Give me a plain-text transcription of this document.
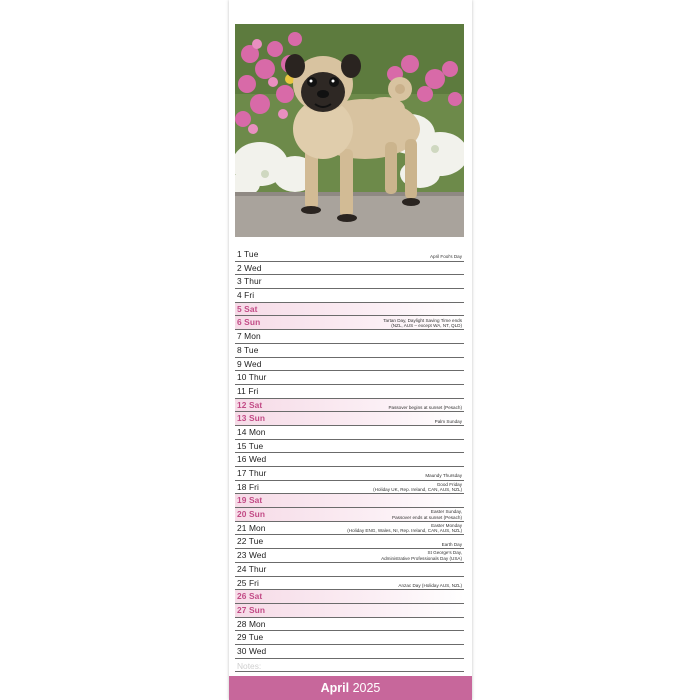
1 Tue	April Fool's Day
2 Wed
3 Thur
4 Fri
5 Sat
6 Sun	Tartan Day, Daylight Saving Time ends
(NZL, AUS – except WA, NT, QLD)
7 Mon
8 Tue
9 Wed
10 Thur
11 Fri
12 Sat	Passover begins at sunset (Pesach)
13 Sun	Palm Sunday
14 Mon
15 Tue
16 Wed
17 Thur	Maundy Thursday
18 Fri	Good Friday
(Holiday UK, Rep. Ireland, CAN, AUS, NZL)
19 Sat
20 Sun	Easter Sunday,
Passover ends at sunset (Pesach)
21 Mon	Easter Monday
(Holiday ENG, Wales, NI, Rep. Ireland, CAN, AUS, NZL)
22 Tue	Earth Day
23 Wed	St George's Day,
Administrative Professionals Day (USA)
24 Thur
25 Fri	Anzac Day (Holiday AUS, NZL)
26 Sat
27 Sun
28 Mon
29 Tue
30 Wed
Notes:
April 2025
